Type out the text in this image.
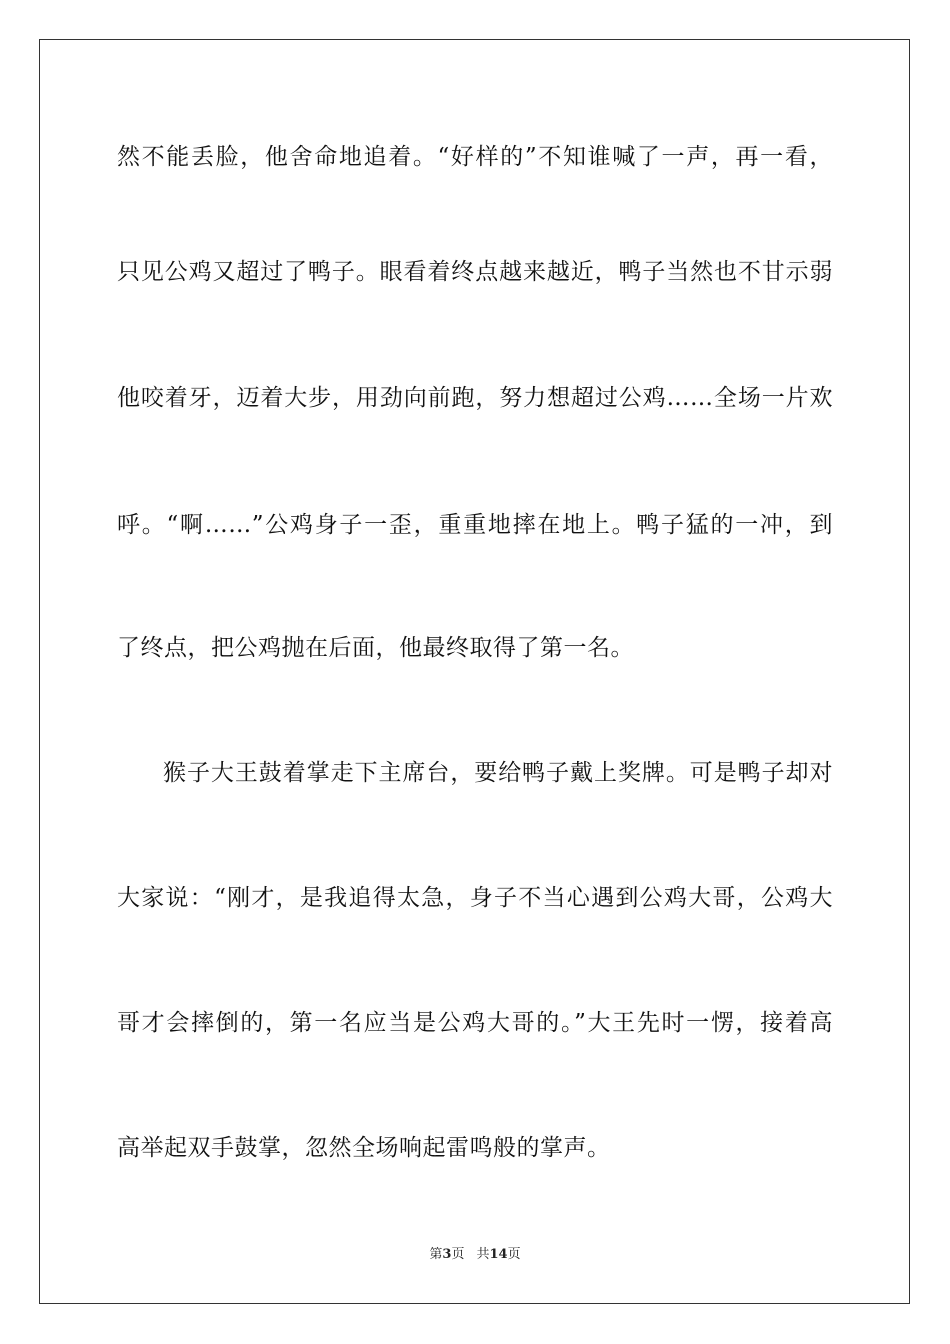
然不能丢脸，他舍命地追着。“好样的”不知谁喊了一声，再一看，
只见公鸡又超过了鸭子。眼看着终点越来越近，鸭子当然也不甘示弱
他咬着牙，迈着大步，用劲向前跑，努力想超过公鸡……全场一片欢
呼。“啊……”公鸡身子一歪，重重地摔在地上。鸭子猛的一冲，到
了终点，把公鸡抛在后面，他最终取得了第一名。
猴子大王鼓着掌走下主席台，要给鸭子戴上奖牌。可是鸭子却对
大家说：“刚才，是我追得太急，身子不当心遇到公鸡大哥，公鸡大
哥才会摔倒的，第一名应当是公鸡大哥的。”大王先时一愣，接着高
高举起双手鼓掌，忽然全场响起雷鸣般的掌声。
第3页 共14页
